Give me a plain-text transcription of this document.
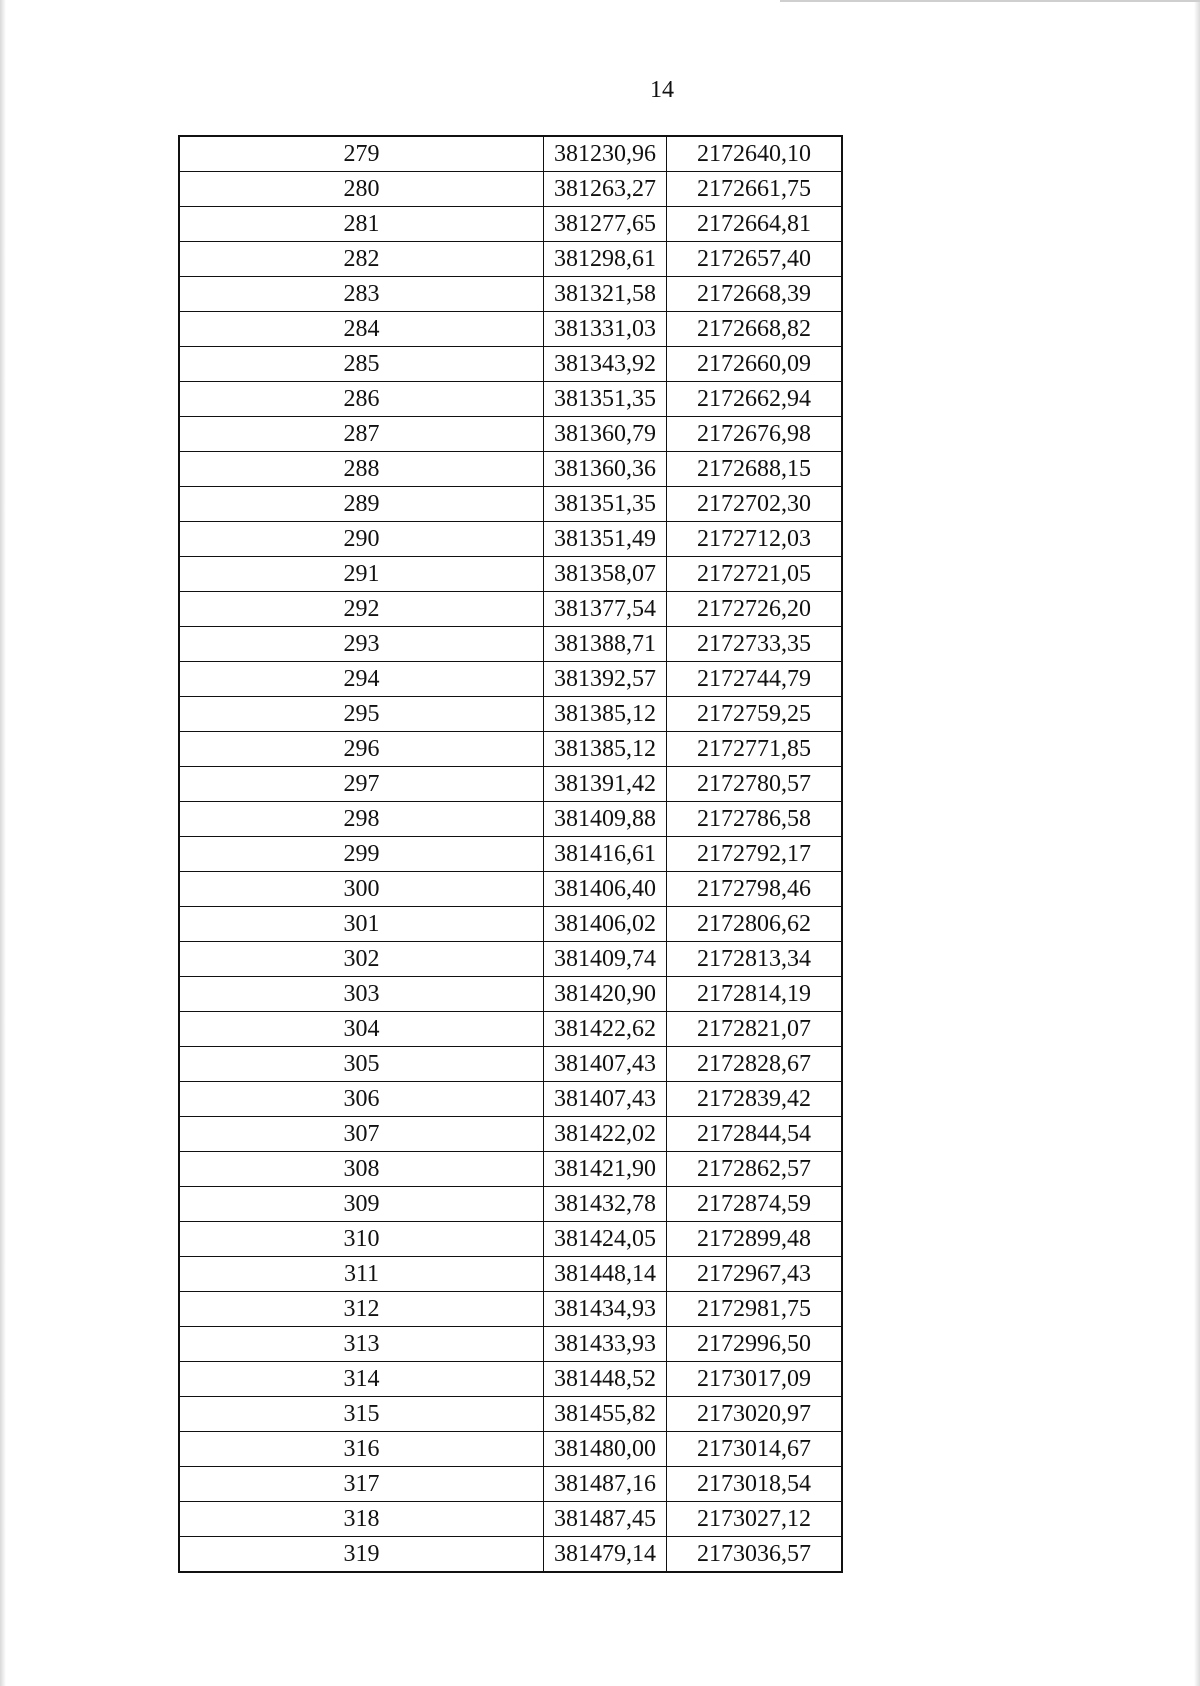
14
279	381230,96	2172640,10
280	381263,27	2172661,75
281	381277,65	2172664,81
282	381298,61	2172657,40
283	381321,58	2172668,39
284	381331,03	2172668,82
285	381343,92	2172660,09
286	381351,35	2172662,94
287	381360,79	2172676,98
288	381360,36	2172688,15
289	381351,35	2172702,30
290	381351,49	2172712,03
291	381358,07	2172721,05
292	381377,54	2172726,20
293	381388,71	2172733,35
294	381392,57	2172744,79
295	381385,12	2172759,25
296	381385,12	2172771,85
297	381391,42	2172780,57
298	381409,88	2172786,58
299	381416,61	2172792,17
300	381406,40	2172798,46
301	381406,02	2172806,62
302	381409,74	2172813,34
303	381420,90	2172814,19
304	381422,62	2172821,07
305	381407,43	2172828,67
306	381407,43	2172839,42
307	381422,02	2172844,54
308	381421,90	2172862,57
309	381432,78	2172874,59
310	381424,05	2172899,48
311	381448,14	2172967,43
312	381434,93	2172981,75
313	381433,93	2172996,50
314	381448,52	2173017,09
315	381455,82	2173020,97
316	381480,00	2173014,67
317	381487,16	2173018,54
318	381487,45	2173027,12
319	381479,14	2173036,57
